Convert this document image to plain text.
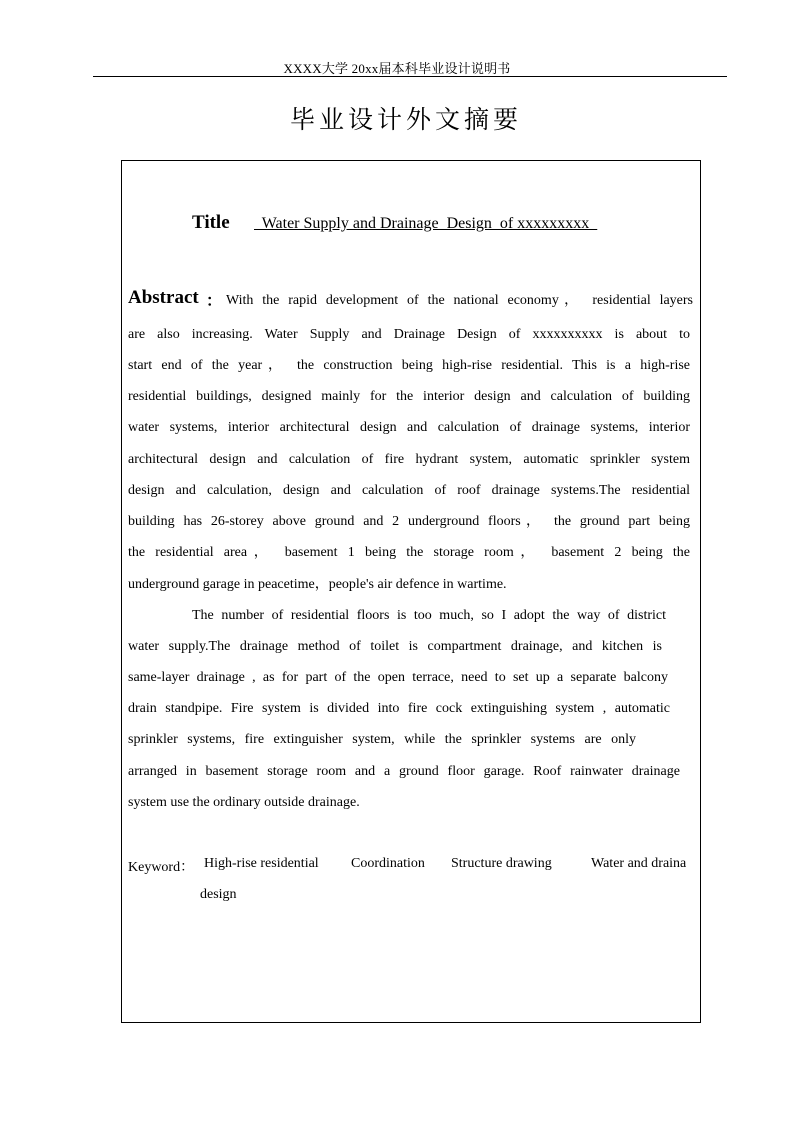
XXXX大学 20xx届本科毕业设计说明书
毕业设计外文摘要
Title Water Supply and Drainage  Design  of xxxxxxxxx
Abstract ： With the rapid development of the national economy， residential layers
are also increasing. Water Supply and Drainage Design of xxxxxxxxxx is about to
start end of the year， the construction being high-rise residential. This is a high-rise
residential buildings, designed mainly for the interior design and calculation of building
water systems, interior architectural design and calculation of drainage systems, interior
architectural design and calculation of fire hydrant system, automatic sprinkler system
design and calculation, design and calculation of roof drainage systems.The residential
building has 26-storey above ground and 2 underground floors， the ground part being
the residential area， basement 1 being the storage room， basement 2 being the
underground garage in peacetime，people's air defence in wartime.
The number of residential floors is too much, so I adopt the way of district
water supply.The drainage method of toilet is compartment drainage, and kitchen is
same-layer drainage , as for part of the open terrace, need to set up a separate balcony
drain standpipe. Fire system is divided into fire cock extinguishing system , automatic
sprinkler systems, fire extinguisher system, while the sprinkler systems are only
arranged in basement storage room and a ground floor garage. Roof rainwater drainage
system use the ordinary outside drainage.
Keyword： High-rise residential Coordination Structure drawing	Water and draina
design
